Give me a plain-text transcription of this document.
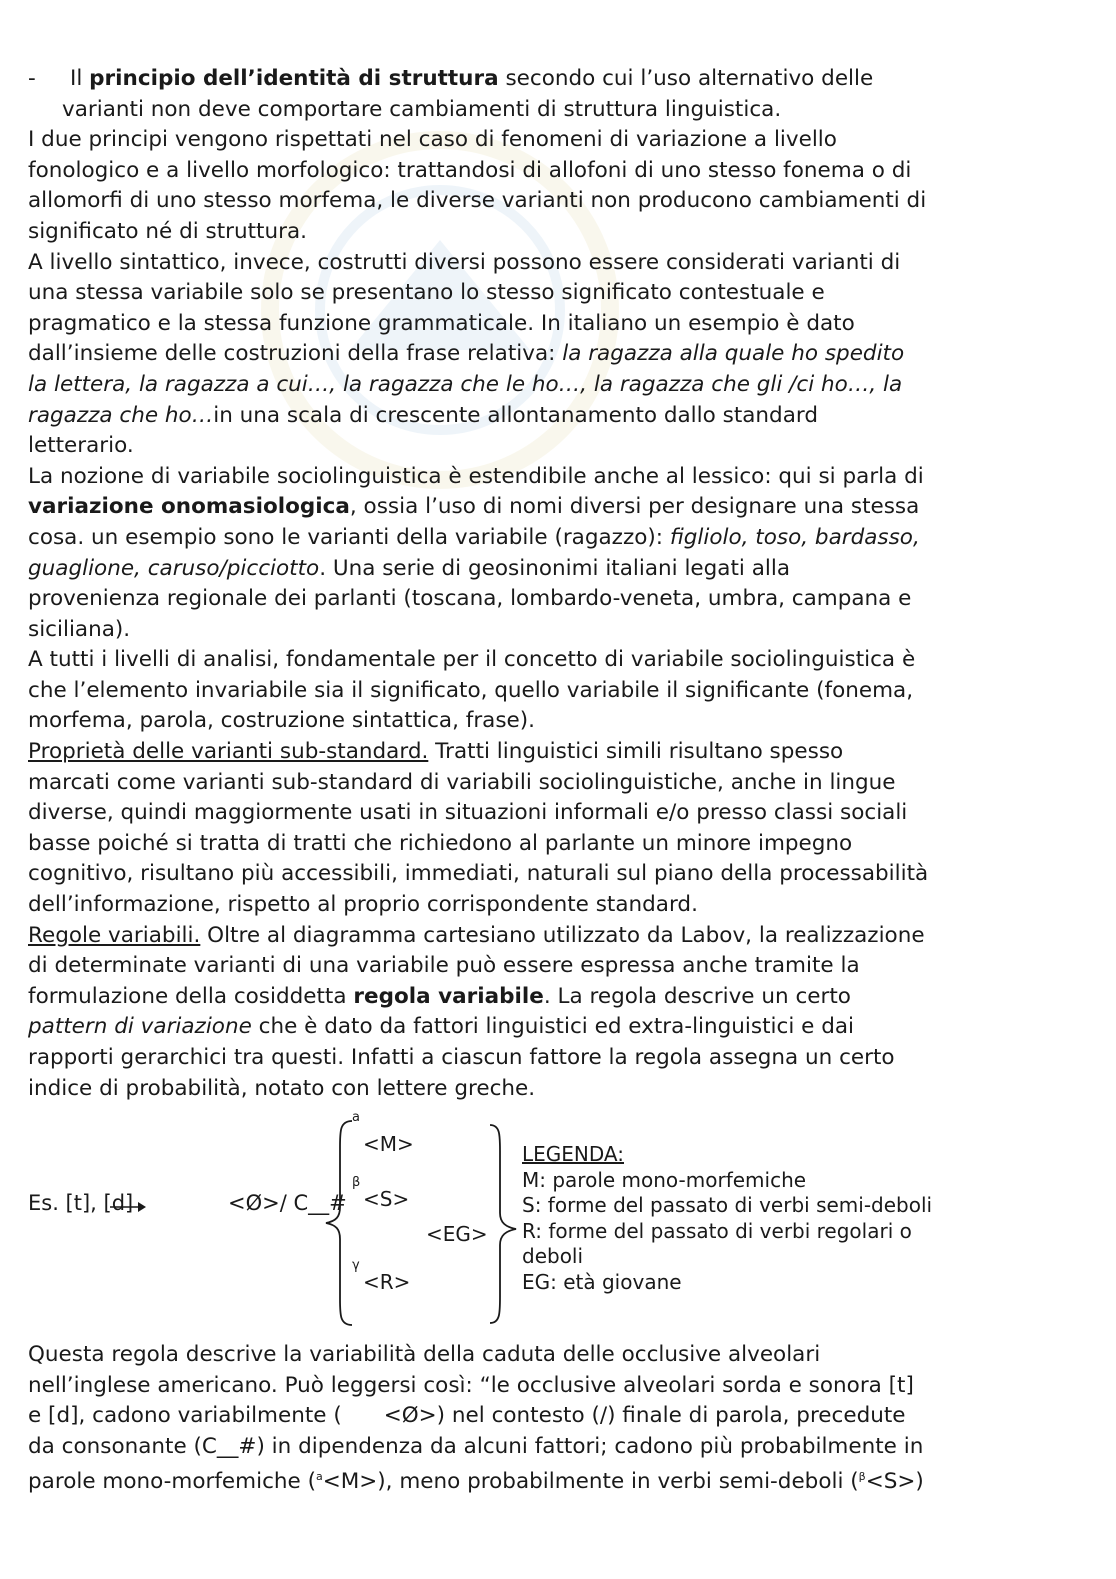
- Il principio dell’identità di struttura secondo cui l’uso alternativo delle
varianti non deve comportare cambiamenti di struttura linguistica.
I due principi vengono rispettati nel caso di fenomeni di variazione a livello
fonologico e a livello morfologico: trattandosi di allofoni di uno stesso fonema o di
allomorfi di uno stesso morfema, le diverse varianti non producono cambiamenti di
significato né di struttura.
A livello sintattico, invece, costrutti diversi possono essere considerati varianti di
una stessa variabile solo se presentano lo stesso significato contestuale e
pragmatico e la stessa funzione grammaticale. In italiano un esempio è dato
dall’insieme delle costruzioni della frase relativa: la ragazza alla quale ho spedito
la lettera, la ragazza a cui…, la ragazza che le ho…, la ragazza che gli /ci ho…, la
ragazza che ho…in una scala di crescente allontanamento dallo standard
letterario.
La nozione di variabile sociolinguistica è estendibile anche al lessico: qui si parla di
variazione onomasiologica, ossia l’uso di nomi diversi per designare una stessa
cosa. un esempio sono le varianti della variabile (ragazzo): figliolo, toso, bardasso,
guaglione, caruso/picciotto. Una serie di geosinonimi italiani legati alla
provenienza regionale dei parlanti (toscana, lombardo-veneta, umbra, campana e
siciliana).
A tutti i livelli di analisi, fondamentale per il concetto di variabile sociolinguistica è
che l’elemento invariabile sia il significato, quello variabile il significante (fonema,
morfema, parola, costruzione sintattica, frase).
Proprietà delle varianti sub-standard. Tratti linguistici simili risultano spesso
marcati come varianti sub-standard di variabili sociolinguistiche, anche in lingue
diverse, quindi maggiormente usati in situazioni informali e/o presso classi sociali
basse poiché si tratta di tratti che richiedono al parlante un minore impegno
cognitivo, risultano più accessibili, immediati, naturali sul piano della processabilità
dell’informazione, rispetto al proprio corrispondente standard.
Regole variabili. Oltre al diagramma cartesiano utilizzato da Labov, la realizzazione
di determinate varianti di una variabile può essere espressa anche tramite la
formulazione della cosiddetta regola variabile. La regola descrive un certo
pattern di variazione che è dato da fattori linguistici ed extra-linguistici e dai
rapporti gerarchici tra questi. Infatti a ciascun fattore la regola assegna un certo
indice di probabilità, notato con lettere greche.
Es. [t], [d]	<Ø>/ C__#
a
<M>
β
<S>
γ
<R>
<EG>
LEGENDA:
M: parole mono-morfemiche
S: forme del passato di verbi semi-deboli
R: forme del passato di verbi regolari o
deboli
EG: età giovane
Questa regola descrive la variabilità della caduta delle occlusive alveolari
nell’inglese americano. Può leggersi così: “le occlusive alveolari sorda e sonora [t]
e [d], cadono variabilmente ( <Ø>) nel contesto (/) finale di parola, precedute
da consonante (C__#) in dipendenza da alcuni fattori; cadono più probabilmente in
parole mono-morfemiche ($^a$<M>), meno probabilmente in verbi semi-deboli ($^\beta$<S>)
